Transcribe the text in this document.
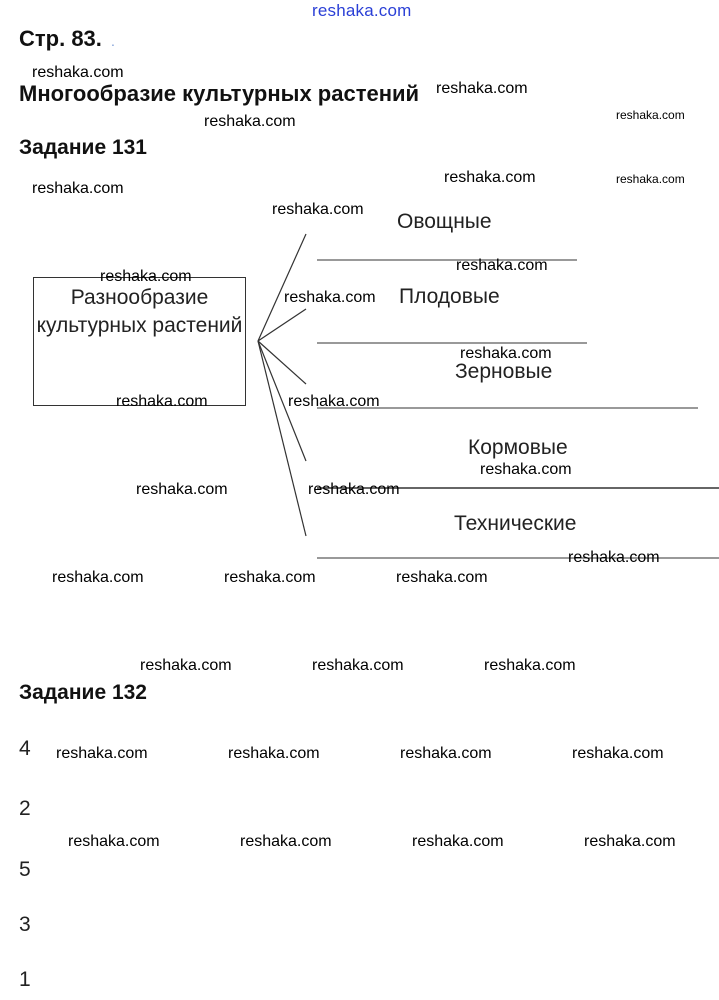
reshaka.com
Стр. 83. .
Многообразие культурных растений
Задание 131
Разнообразие культурных растений
Овощные
Плодовые
Зерновые
Кормовые
Технические
Задание 132
4
2
5
3
1
reshaka.com
reshaka.com
reshaka.com
reshaka.com
reshaka.com	reshaka.com
reshaka.com
reshaka.com
reshaka.com
reshaka.com
reshaka.com
reshaka.com
reshaka.com	reshaka.com
reshaka.com
reshaka.com	reshaka.com
reshaka.com
reshaka.com	reshaka.com	reshaka.com
reshaka.com	reshaka.com	reshaka.com
reshaka.com	reshaka.com	reshaka.com	reshaka.com
reshaka.com	reshaka.com	reshaka.com	reshaka.com
